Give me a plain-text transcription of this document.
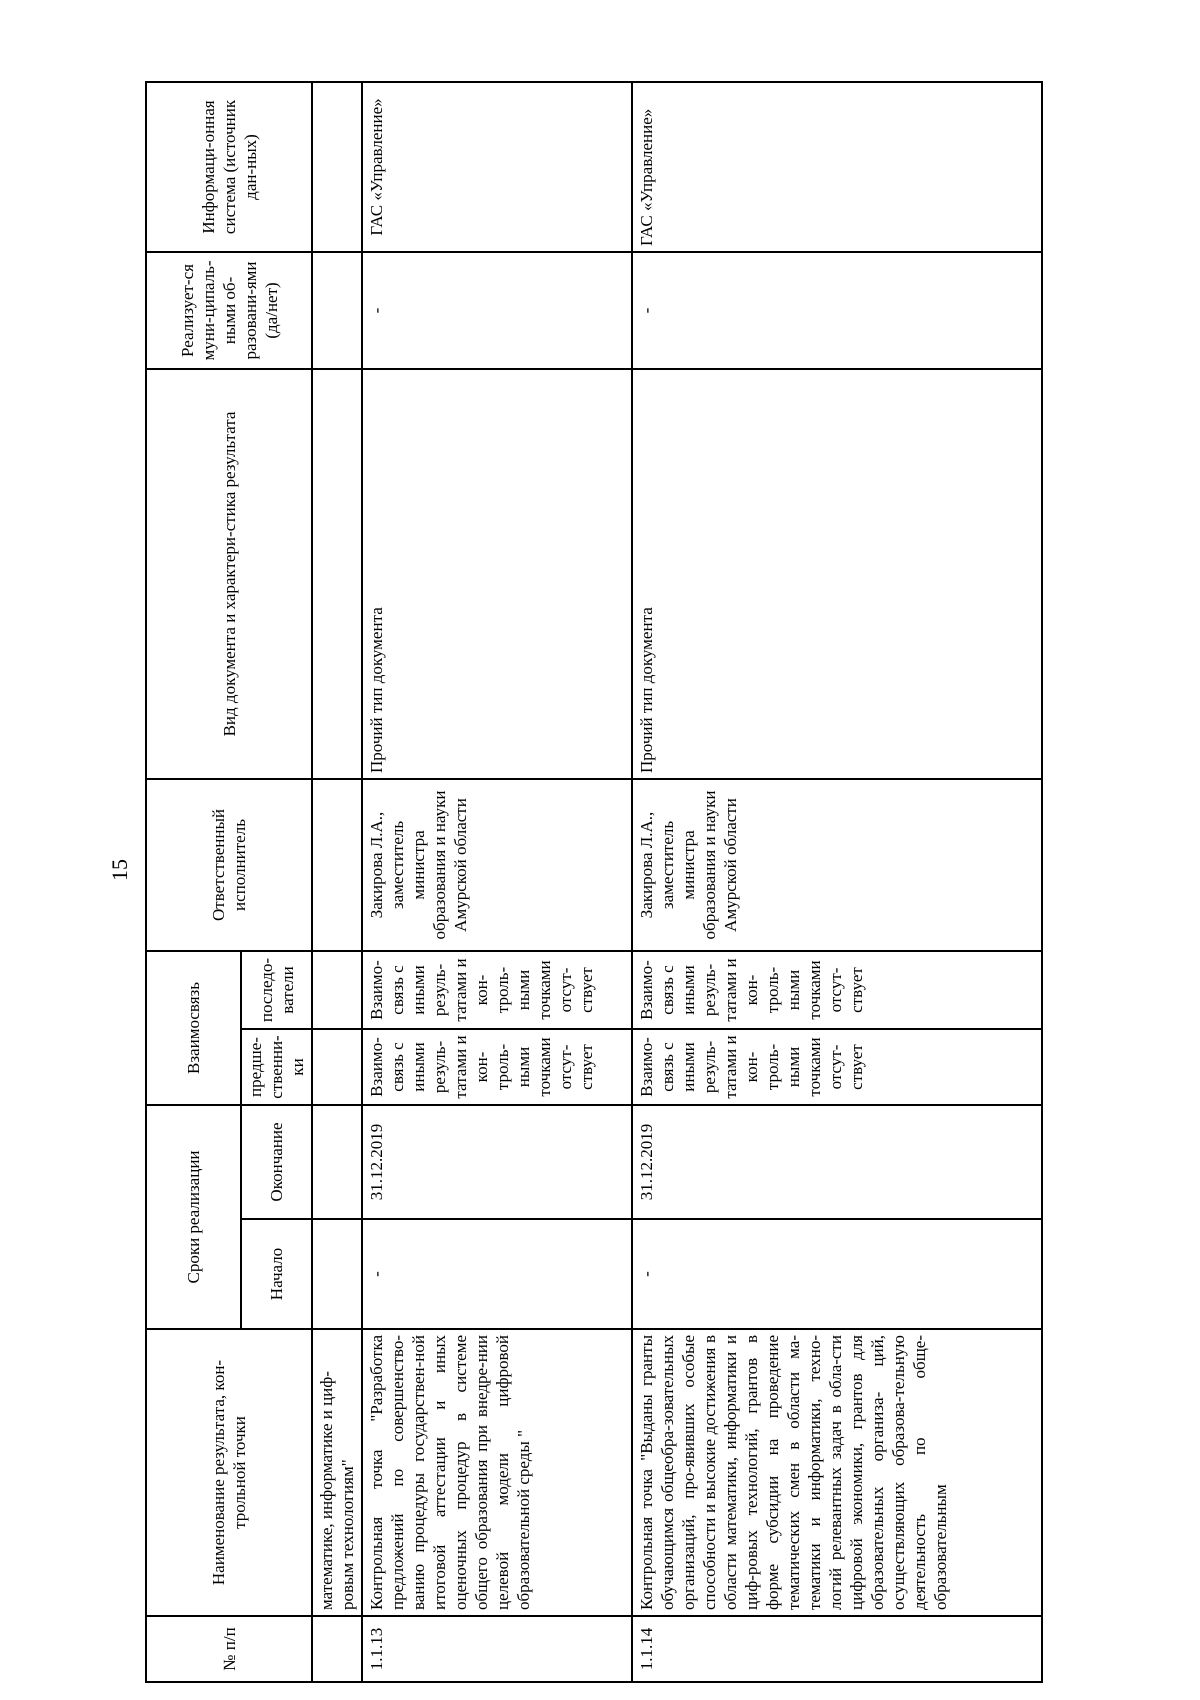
15
№ п/п	Наименование результата, кон-трольной точки	Сроки реализации		Взаимосвязь		Ответственный исполнитель	Вид документа и характери-стика результата	Реализует-ся муни-ципаль-ными об-разовани-ями (да/нет)	Информаци-онная система (источник дан-ных)
		Начало	Окончание	предше-ственни-ки	последо-ватели				
	математике, информатике и циф-ровым технологиям"								
1.1.13	Контрольная точка "Разработка предложений по совершенство-ванию процедуры государствен-ной итоговой аттестации и иных оценочных процедур в системе общего образования при внедре-нии целевой модели цифровой образовательной среды "	-	31.12.2019	Взаимо-связь с иными резуль-татами и кон-троль-ными точками отсут-ствует	Взаимо-связь с иными резуль-татами и кон-троль-ными точками отсут-ствует	Закирова Л.А., заместитель министра образования и науки Амурской области	Прочий тип документа	-	ГАС «Управление»
1.1.14	Контрольная точка "Выданы гранты обучающимся общеобра-зовательных организаций, про-явивших особые способности и высокие достижения в области математики, информатики и циф-ровых технологий, грантов в форме субсидии на проведение тематических смен в области ма-тематики и информатики, техно-логий релевантных задач в обла-сти цифровой экономики, грантов для образовательных организа- ций, осуществляющих образова-тельную деятельность по обще-образовательным	-	31.12.2019	Взаимо-связь с иными резуль-татами и кон-троль-ными точками отсут-ствует	Взаимо-связь с иными резуль-татами и кон-троль-ными точками отсут-ствует	Закирова Л.А., заместитель министра образования и науки Амурской области	Прочий тип документа	-	ГАС «Управление»
